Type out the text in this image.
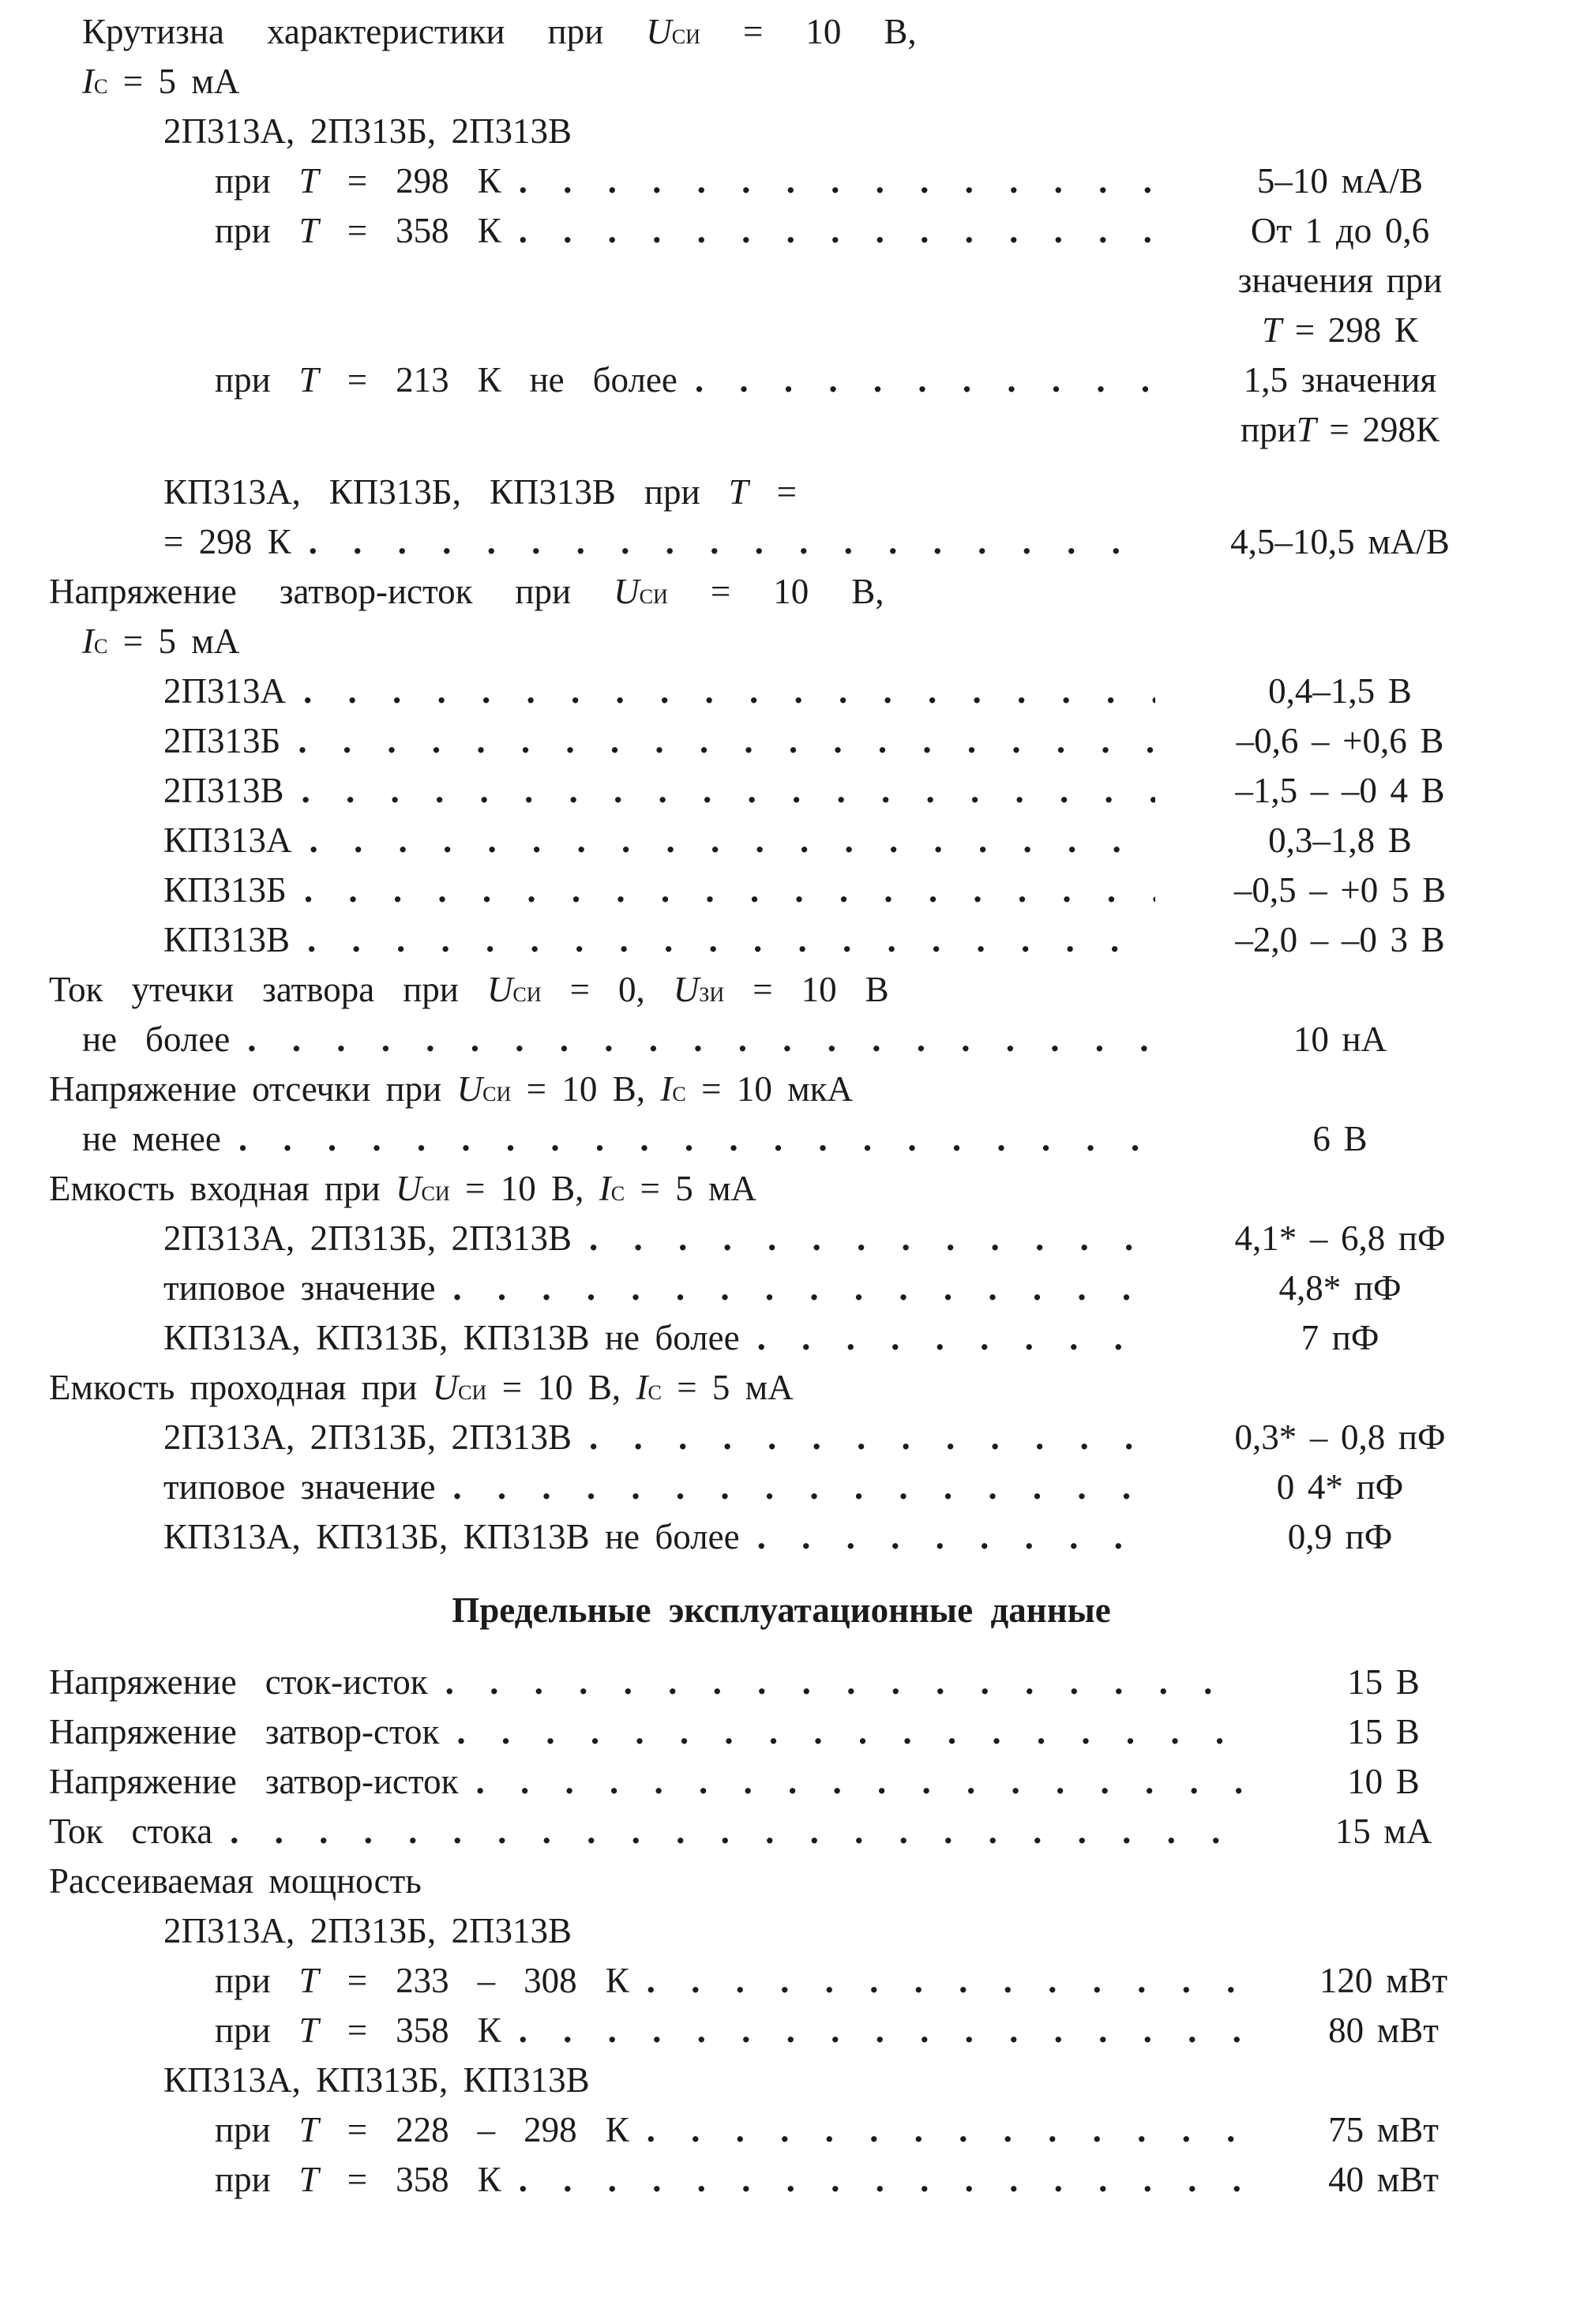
Крутизна характеристики при UСИ = 10 В,
IС = 5 мА
2П313А, 2П313Б, 2П313В
при T = 298 К . . .	5–10 мА/В
при T = 358 К . . .	От 1 до 0,6
значения при
T = 298 К
при T = 213 К не более . . .	1,5 значения
приT = 298К
КП313А, КП313Б, КП313В при T =
= 298 К . . .	4,5–10,5 мА/В
Напряжение затвор-исток при UСИ = 10 В,
IС = 5 мА
2П313А . . .	0,4–1,5 В
2П313Б . . .	–0,6 – +0,6 В
2П313В . . .	–1,5 – –0 4 В
КП313А . . .	0,3–1,8 В
КП313Б . . .	–0,5 – +0 5 В
КП313В . . .	–2,0 – –0 3 В
Ток утечки затвора при UСИ = 0, UЗИ = 10 В
не более . . .	10 нА
Напряжение отсечки при UСИ = 10 В, IС = 10 мкА
не менее . . .	6 В
Емкость входная при UСИ = 10 В, IС = 5 мА
2П313А, 2П313Б, 2П313В . . .	4,1* – 6,8 пФ
типовое значение . . .	4,8* пФ
КП313А, КП313Б, КП313В не более . . .	7 пФ
Емкость проходная при UСИ = 10 В, IС = 5 мА
2П313А, 2П313Б, 2П313В . . .	0,3* – 0,8 пФ
типовое значение . . .	0 4* пФ
КП313А, КП313Б, КП313В не более . . .	0,9 пФ
Предельные эксплуатационные данные
Напряжение сток-исток . . .	15 В
Напряжение затвор-сток . . .	15 В
Напряжение затвор-исток . . .	10 В
Ток стока . . .	15 мА
Рассеиваемая мощность
2П313А, 2П313Б, 2П313В
при T = 233 – 308 К . . .	120 мВт
при T = 358 К . . .	80 мВт
КП313А, КП313Б, КП313В
при T = 228 – 298 К . . .	75 мВт
при T = 358 К . . .	40 мВт
